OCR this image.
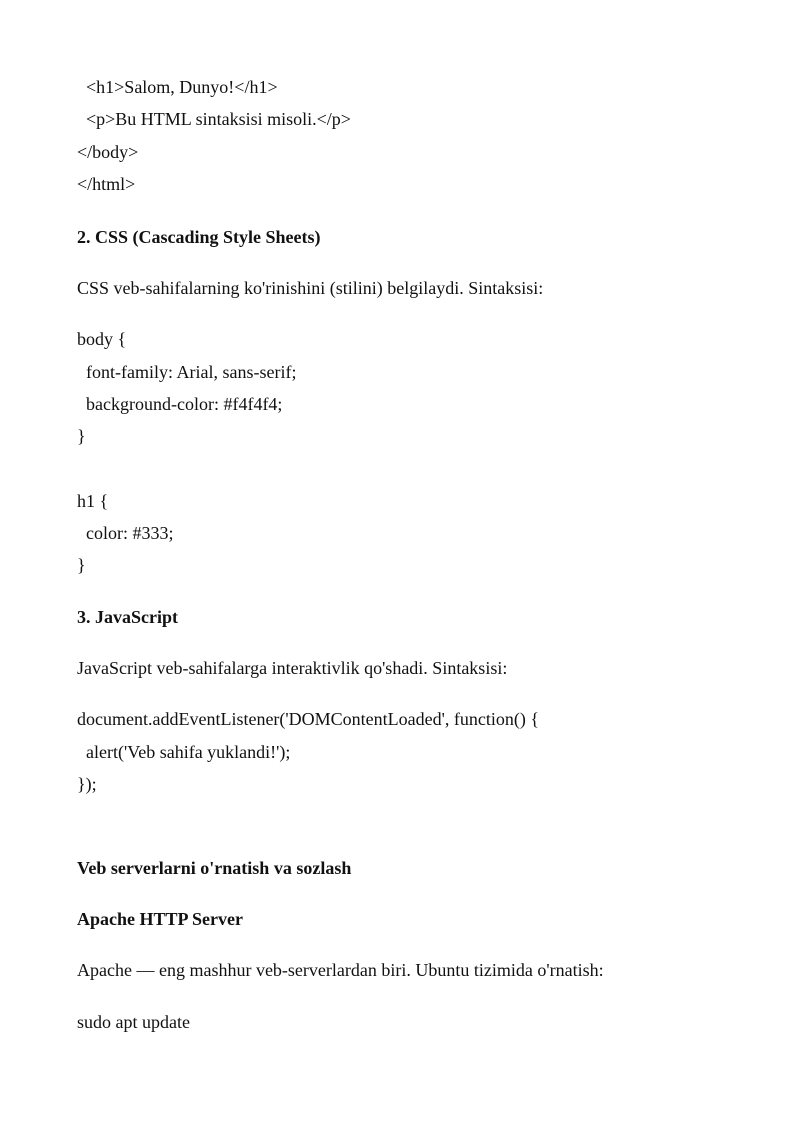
<h1>Salom, Dunyo!</h1>

<p>Bu HTML sintaksisi misoli.</p>

</body>

</html>

2. CSS (Cascading Style Sheets)

CSS veb-sahifalarning ko'rinishini (stilini) belgilaydi. Sintaksisi:

body {

font-family: Arial, sans-serif;

background-color: #f4f4f4;

}

h1 {

color: #333;

}

3. JavaScript

JavaScript veb-sahifalarga interaktivlik qo'shadi. Sintaksisi:

document.addEventListener('DOMContentLoaded', function() {

alert('Veb sahifa yuklandi!');

});

Veb serverlarni o'rnatish va sozlash

Apache HTTP Server

Apache — eng mashhur veb-serverlardan biri. Ubuntu tizimida o'rnatish:

sudo apt update
